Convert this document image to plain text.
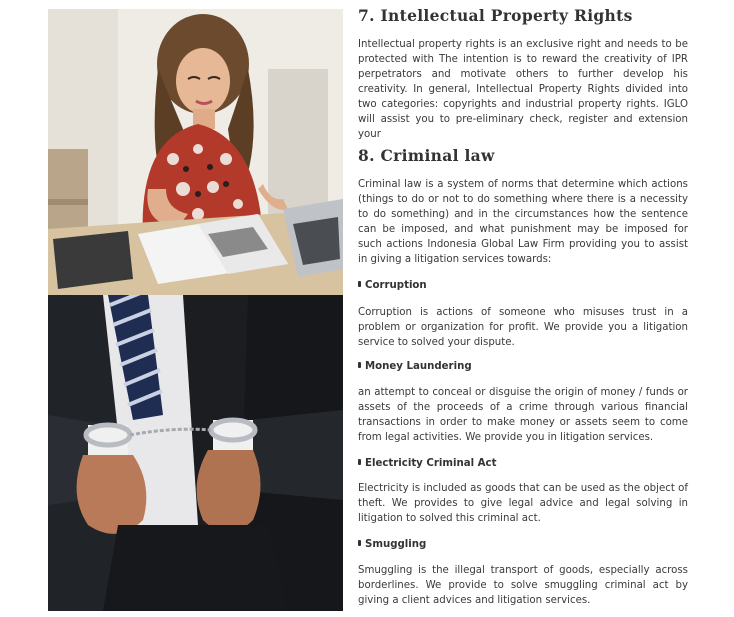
7. Intellectual Property Rights

Intellectual property rights is an exclusive right and needs to be protected with The intention is to reward the creativity of IPR perpetrators and motivate others to further develop his creativity. In general, Intellectual Property Rights divided into two categories: copyrights and industrial property rights. IGLO will assist you to pre-eliminary check, register and extension your

8. Criminal law

Criminal law is a system of norms that determine which actions (things to do or not to do something where there is a necessity to do something) and in the circumstances how the sentence can be imposed, and what punishment may be imposed for such actions Indonesia Global Law Firm providing you to assist in giving a litigation services towards:

Corruption

Corruption is actions of someone who misuses trust in a problem or organization for profit. We provide you a litigation service to solved your dispute.

Money Laundering

an attempt to conceal or disguise the origin of money / funds or assets of the proceeds of a crime through various financial transactions in order to make money or assets seem to come from legal activities. We provide you in litigation services.

Electricity Criminal Act

Electricity is included as goods that can be used as the object of theft. We provides to give legal advice and legal solving in litigation to solved this criminal act.

Smuggling

Smuggling is the illegal transport of goods, especially across borderlines. We provide to solve smuggling criminal act by giving a client advices and litigation services.
